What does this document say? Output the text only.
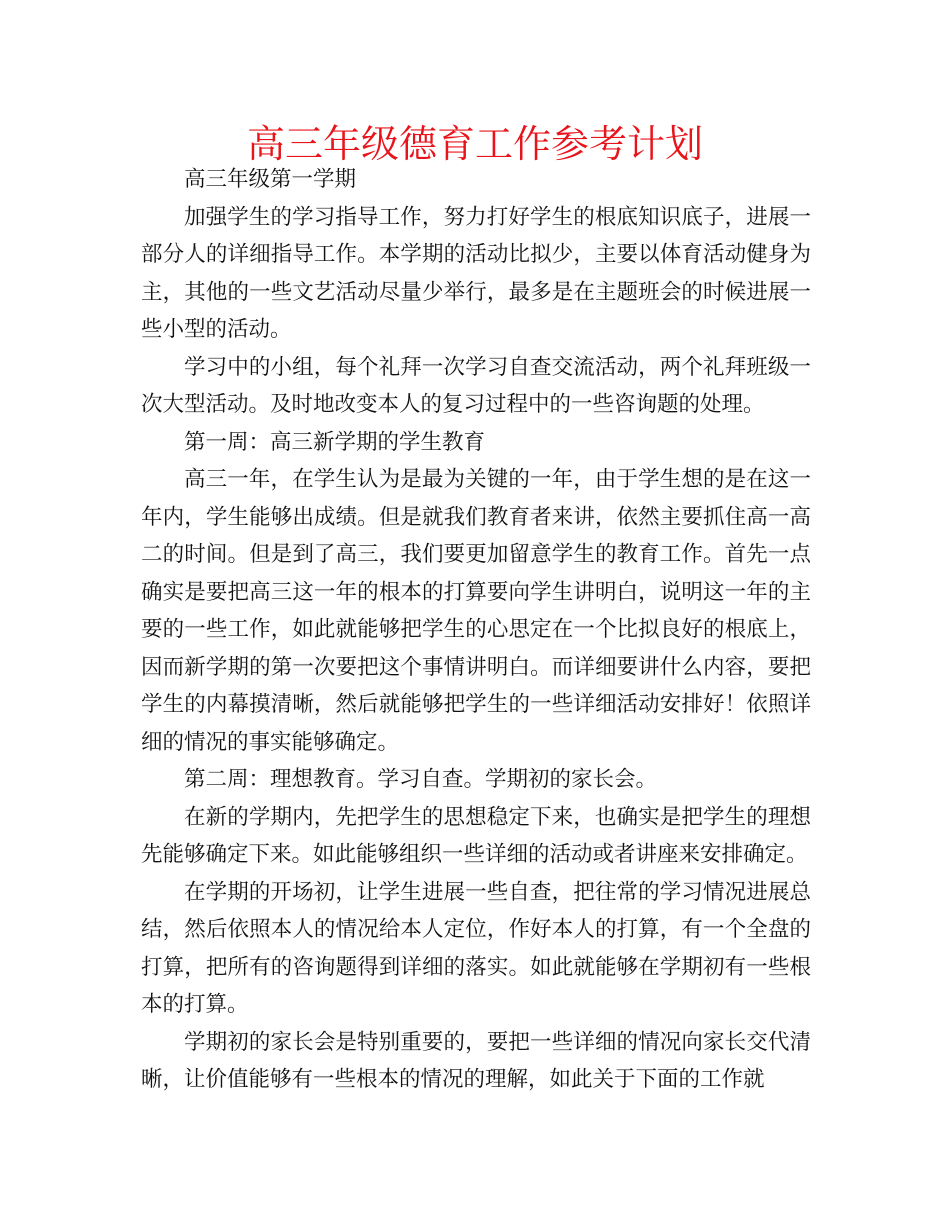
高三年级德育工作参考计划

高三年级第一学期

加强学生的学习指导工作，努力打好学生的根底知识底子，进展一部分人的详细指导工作。本学期的活动比拟少，主要以体育活动健身为主，其他的一些文艺活动尽量少举行，最多是在主题班会的时候进展一些小型的活动。

学习中的小组，每个礼拜一次学习自查交流活动，两个礼拜班级一次大型活动。及时地改变本人的复习过程中的一些咨询题的处理。

第一周：高三新学期的学生教育

高三一年，在学生认为是最为关键的一年，由于学生想的是在这一年内，学生能够出成绩。但是就我们教育者来讲，依然主要抓住高一高二的时间。但是到了高三，我们要更加留意学生的教育工作。首先一点确实是要把高三这一年的根本的打算要向学生讲明白，说明这一年的主要的一些工作，如此就能够把学生的心思定在一个比拟良好的根底上，因而新学期的第一次要把这个事情讲明白。而详细要讲什么内容，要把学生的内幕摸清晰，然后就能够把学生的一些详细活动安排好！依照详细的情况的事实能够确定。

第二周：理想教育。学习自查。学期初的家长会。

在新的学期内，先把学生的思想稳定下来，也确实是把学生的理想先能够确定下来。如此能够组织一些详细的活动或者讲座来安排确定。

在学期的开场初，让学生进展一些自查，把往常的学习情况进展总结，然后依照本人的情况给本人定位，作好本人的打算，有一个全盘的打算，把所有的咨询题得到详细的落实。如此就能够在学期初有一些根本的打算。

学期初的家长会是特别重要的，要把一些详细的情况向家长交代清晰，让价值能够有一些根本的情况的理解，如此关于下面的工作就
